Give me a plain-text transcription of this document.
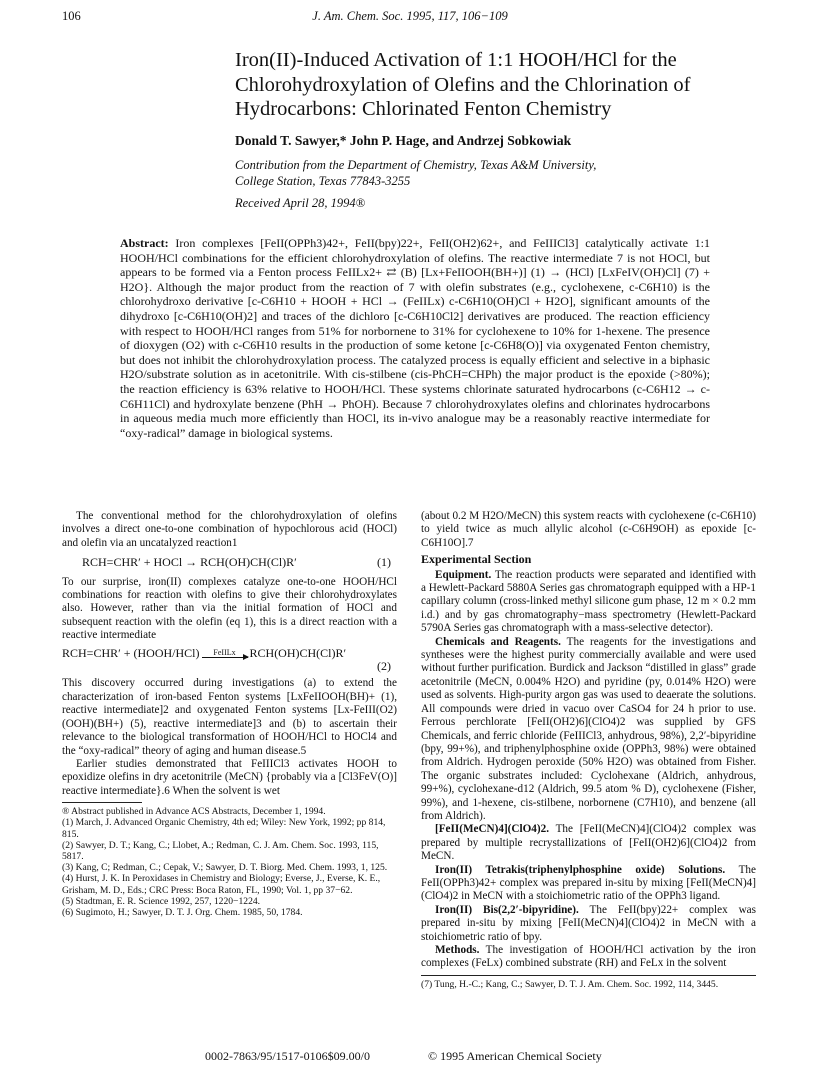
106	J. Am. Chem. Soc. 1995, 117, 106−109
Iron(II)-Induced Activation of 1:1 HOOH/HCl for the
Chlorohydroxylation of Olefins and the Chlorination of
Hydrocarbons: Chlorinated Fenton Chemistry
Donald T. Sawyer,* John P. Hage, and Andrzej Sobkowiak
Contribution from the Department of Chemistry, Texas A&M University,
College Station, Texas 77843-3255
Received April 28, 1994®
Abstract: Iron complexes [FeII(OPPh3)42+, FeII(bpy)22+, FeII(OH2)62+, and FeIIICl3] catalytically activate 1:1 HOOH/HCl combinations for the efficient chlorohydroxylation of olefins. The reactive intermediate 7 is not HOCl, but appears to be formed via a Fenton process FeIILx2+ ⇄ (B) [Lx+FeIIOOH(BH+)] (1) → (HCl) [LxFeIV(OH)Cl] (7) + H2O}. Although the major product from the reaction of 7 with olefin substrates (e.g., cyclohexene, c-C6H10) is the chlorohydroxo derivative [c-C6H10 + HOOH + HCl → (FeIILx) c-C6H10(OH)Cl + H2O], significant amounts of the dihydroxo [c-C6H10(OH)2] and traces of the dichloro [c-C6H10Cl2] derivatives are produced. The reaction efficiency with respect to HOOH/HCl ranges from 51% for norbornene to 31% for cyclohexene to 10% for 1-hexene. The presence of dioxygen (O2) with c-C6H10 results in the production of some ketone [c-C6H8(O)] via oxygenated Fenton chemistry, but does not inhibit the chlorohydroxylation process. The catalyzed process is equally efficient and selective in a biphasic H2O/substrate solution as in acetonitrile. With cis-stilbene (cis-PhCH=CHPh) the major product is the epoxide (>80%); the reaction efficiency is 63% relative to HOOH/HCl. These systems chlorinate saturated hydrocarbons (c-C6H12 → c-C6H11Cl) and hydroxylate benzene (PhH → PhOH). Because 7 chlorohydroxylates olefins and chlorinates hydrocarbons in aqueous media much more efficiently than HOCl, its in-vivo analogue may be a reasonably reactive intermediate for “oxy-radical” damage in biological systems.

The conventional method for the chlorohydroxylation of olefins involves a direct one-to-one combination of hypochlorous acid (HOCl) and olefin via an uncatalyzed reaction1

RCH=CHR′ + HOCl → RCH(OH)CH(Cl)R′	(1)

To our surprise, iron(II) complexes catalyze one-to-one HOOH/HCl combinations for reaction with olefins to give their chlorohydroxylates also. However, rather than via the initial formation of HOCl and subsequent reaction with the olefin (eq 1), this is a direct reaction with a reactive intermediate

RCH=CHR′ + (HOOH/HCl)	FeIILx	RCH(OH)CH(Cl)R′
(2)

This discovery occurred during investigations (a) to extend the characterization of iron-based Fenton systems [LxFeIIOOH(BH)+ (1), reactive intermediate]2 and oxygenated Fenton systems [Lx-FeIII(O2)(OOH)(BH+) (5), reactive intermediate]3 and (b) to ascertain their relevance to the biological transformation of HOOH/HCl to HOCl4 and the “oxy-radical” theory of aging and human disease.5

Earlier studies demonstrated that FeIIICl3 activates HOOH to epoxidize olefins in dry acetonitrile (MeCN) {probably via a [Cl3FeV(O)] reactive intermediate}.6 When the solvent is wet

® Abstract published in Advance ACS Abstracts, December 1, 1994.
(1) March, J. Advanced Organic Chemistry, 4th ed; Wiley: New York, 1992; pp 814, 815.
(2) Sawyer, D. T.; Kang, C.; Llobet, A.; Redman, C. J. Am. Chem. Soc. 1993, 115, 5817.
(3) Kang, C; Redman, C.; Cepak, V.; Sawyer, D. T. Biorg. Med. Chem. 1993, 1, 125.
(4) Hurst, J. K. In Peroxidases in Chemistry and Biology; Everse, J., Everse, K. E., Grisham, M. D., Eds.; CRC Press: Boca Raton, FL, 1990; Vol. 1, pp 37−62.
(5) Stadtman, E. R. Science 1992, 257, 1220−1224.
(6) Sugimoto, H.; Sawyer, D. T. J. Org. Chem. 1985, 50, 1784.

(about 0.2 M H2O/MeCN) this system reacts with cyclohexene (c-C6H10) to yield twice as much allylic alcohol (c-C6H9OH) as epoxide [c-C6H10O].7

Experimental Section

Equipment. The reaction products were separated and identified with a Hewlett-Packard 5880A Series gas chromatograph equipped with a HP-1 capillary column (cross-linked methyl silicone gum phase, 12 m × 0.2 mm i.d.) and by gas chromatography−mass spectrometry (Hewlett-Packard 5790A Series gas chromatograph with a mass-selective detector).

Chemicals and Reagents. The reagents for the investigations and syntheses were the highest purity commercially available and were used without further purification. Burdick and Jackson “distilled in glass” grade acetonitrile (MeCN, 0.004% H2O) and pyridine (py, 0.014% H2O) were used as solvents. High-purity argon gas was used to deaerate the solutions. All compounds were dried in vacuo over CaSO4 for 24 h prior to use. Ferrous perchlorate [FeII(OH2)6](ClO4)2 was supplied by GFS Chemicals, and ferric chloride (FeIIICl3, anhydrous, 98%), 2,2′-bipyridine (bpy, 99+%), and triphenylphosphine oxide (OPPh3, 98%) were obtained from Aldrich. Hydrogen peroxide (50% H2O) was obtained from Fisher. The organic substrates included: Cyclohexane (Aldrich, anhydrous, 99+%), cyclohexane-d12 (Aldrich, 99.5 atom % D), cyclohexene (Fisher, 99%), and 1-hexene, cis-stilbene, norbornene (C7H10), and benzene (all from Aldrich).

[FeII(MeCN)4](ClO4)2. The [FeII(MeCN)4](ClO4)2 complex was prepared by multiple recrystallizations of [FeII(OH2)6](ClO4)2 from MeCN.

Iron(II) Tetrakis(triphenylphosphine oxide) Solutions. The FeII(OPPh3)42+ complex was prepared in-situ by mixing [FeII(MeCN)4](ClO4)2 in MeCN with a stoichiometric ratio of the OPPh3 ligand.

Iron(II) Bis(2,2′-bipyridine). The FeII(bpy)22+ complex was prepared in-situ by mixing [FeII(MeCN)4](ClO4)2 in MeCN with a stoichiometric ratio of bpy.

Methods. The investigation of HOOH/HCl activation by the iron complexes (FeLx) combined substrate (RH) and FeLx in the solvent

(7) Tung, H.-C.; Kang, C.; Sawyer, D. T. J. Am. Chem. Soc. 1992, 114, 3445.
0002-7863/95/1517-0106$09.00/0	© 1995 American Chemical Society
